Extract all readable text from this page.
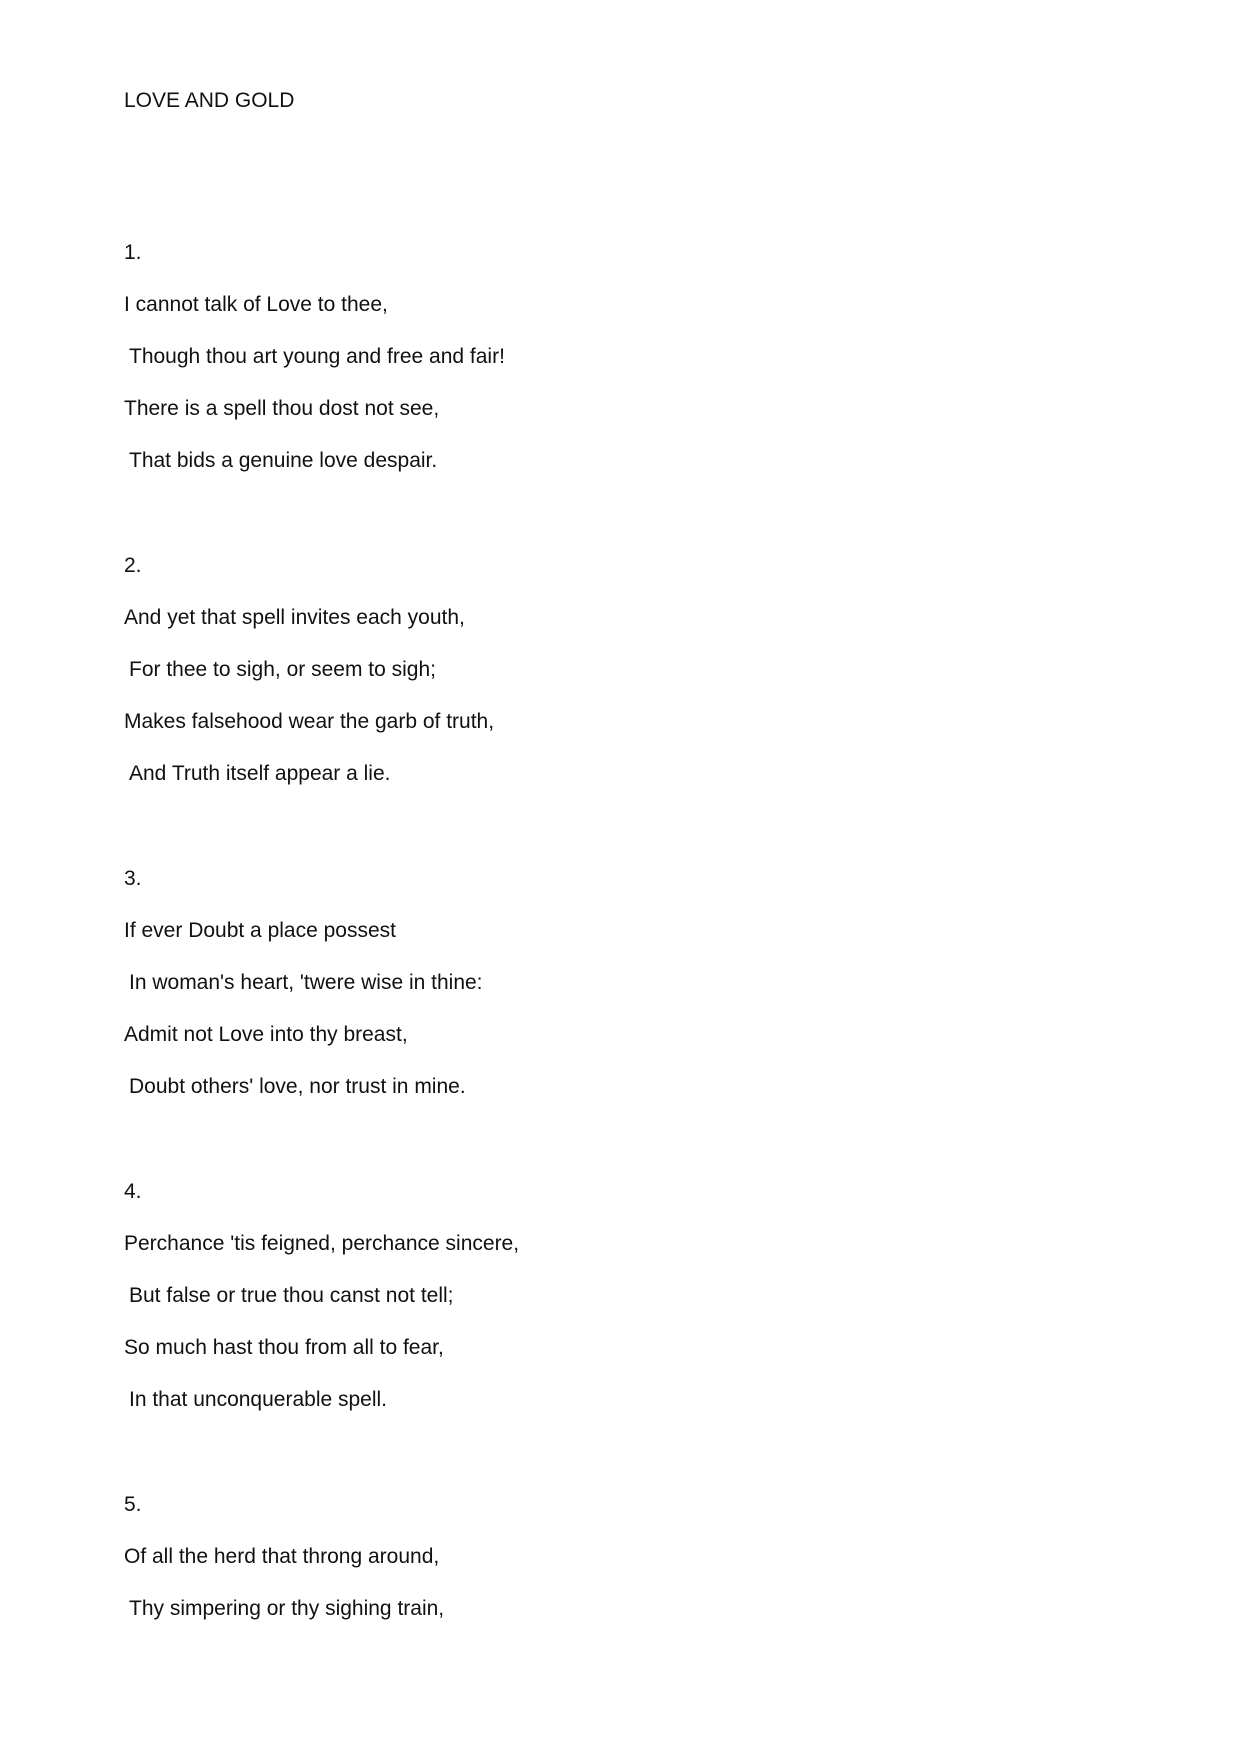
LOVE AND GOLD

1.

I cannot talk of Love to thee,

Though thou art young and free and fair!

There is a spell thou dost not see,

That bids a genuine love despair.

2.

And yet that spell invites each youth,

For thee to sigh, or seem to sigh;

Makes falsehood wear the garb of truth,

And Truth itself appear a lie.

3.

If ever Doubt a place possest

In woman's heart, 'twere wise in thine:

Admit not Love into thy breast,

Doubt others' love, nor trust in mine.

4.

Perchance 'tis feigned, perchance sincere,

But false or true thou canst not tell;

So much hast thou from all to fear,

In that unconquerable spell.

5.

Of all the herd that throng around,

Thy simpering or thy sighing train,
